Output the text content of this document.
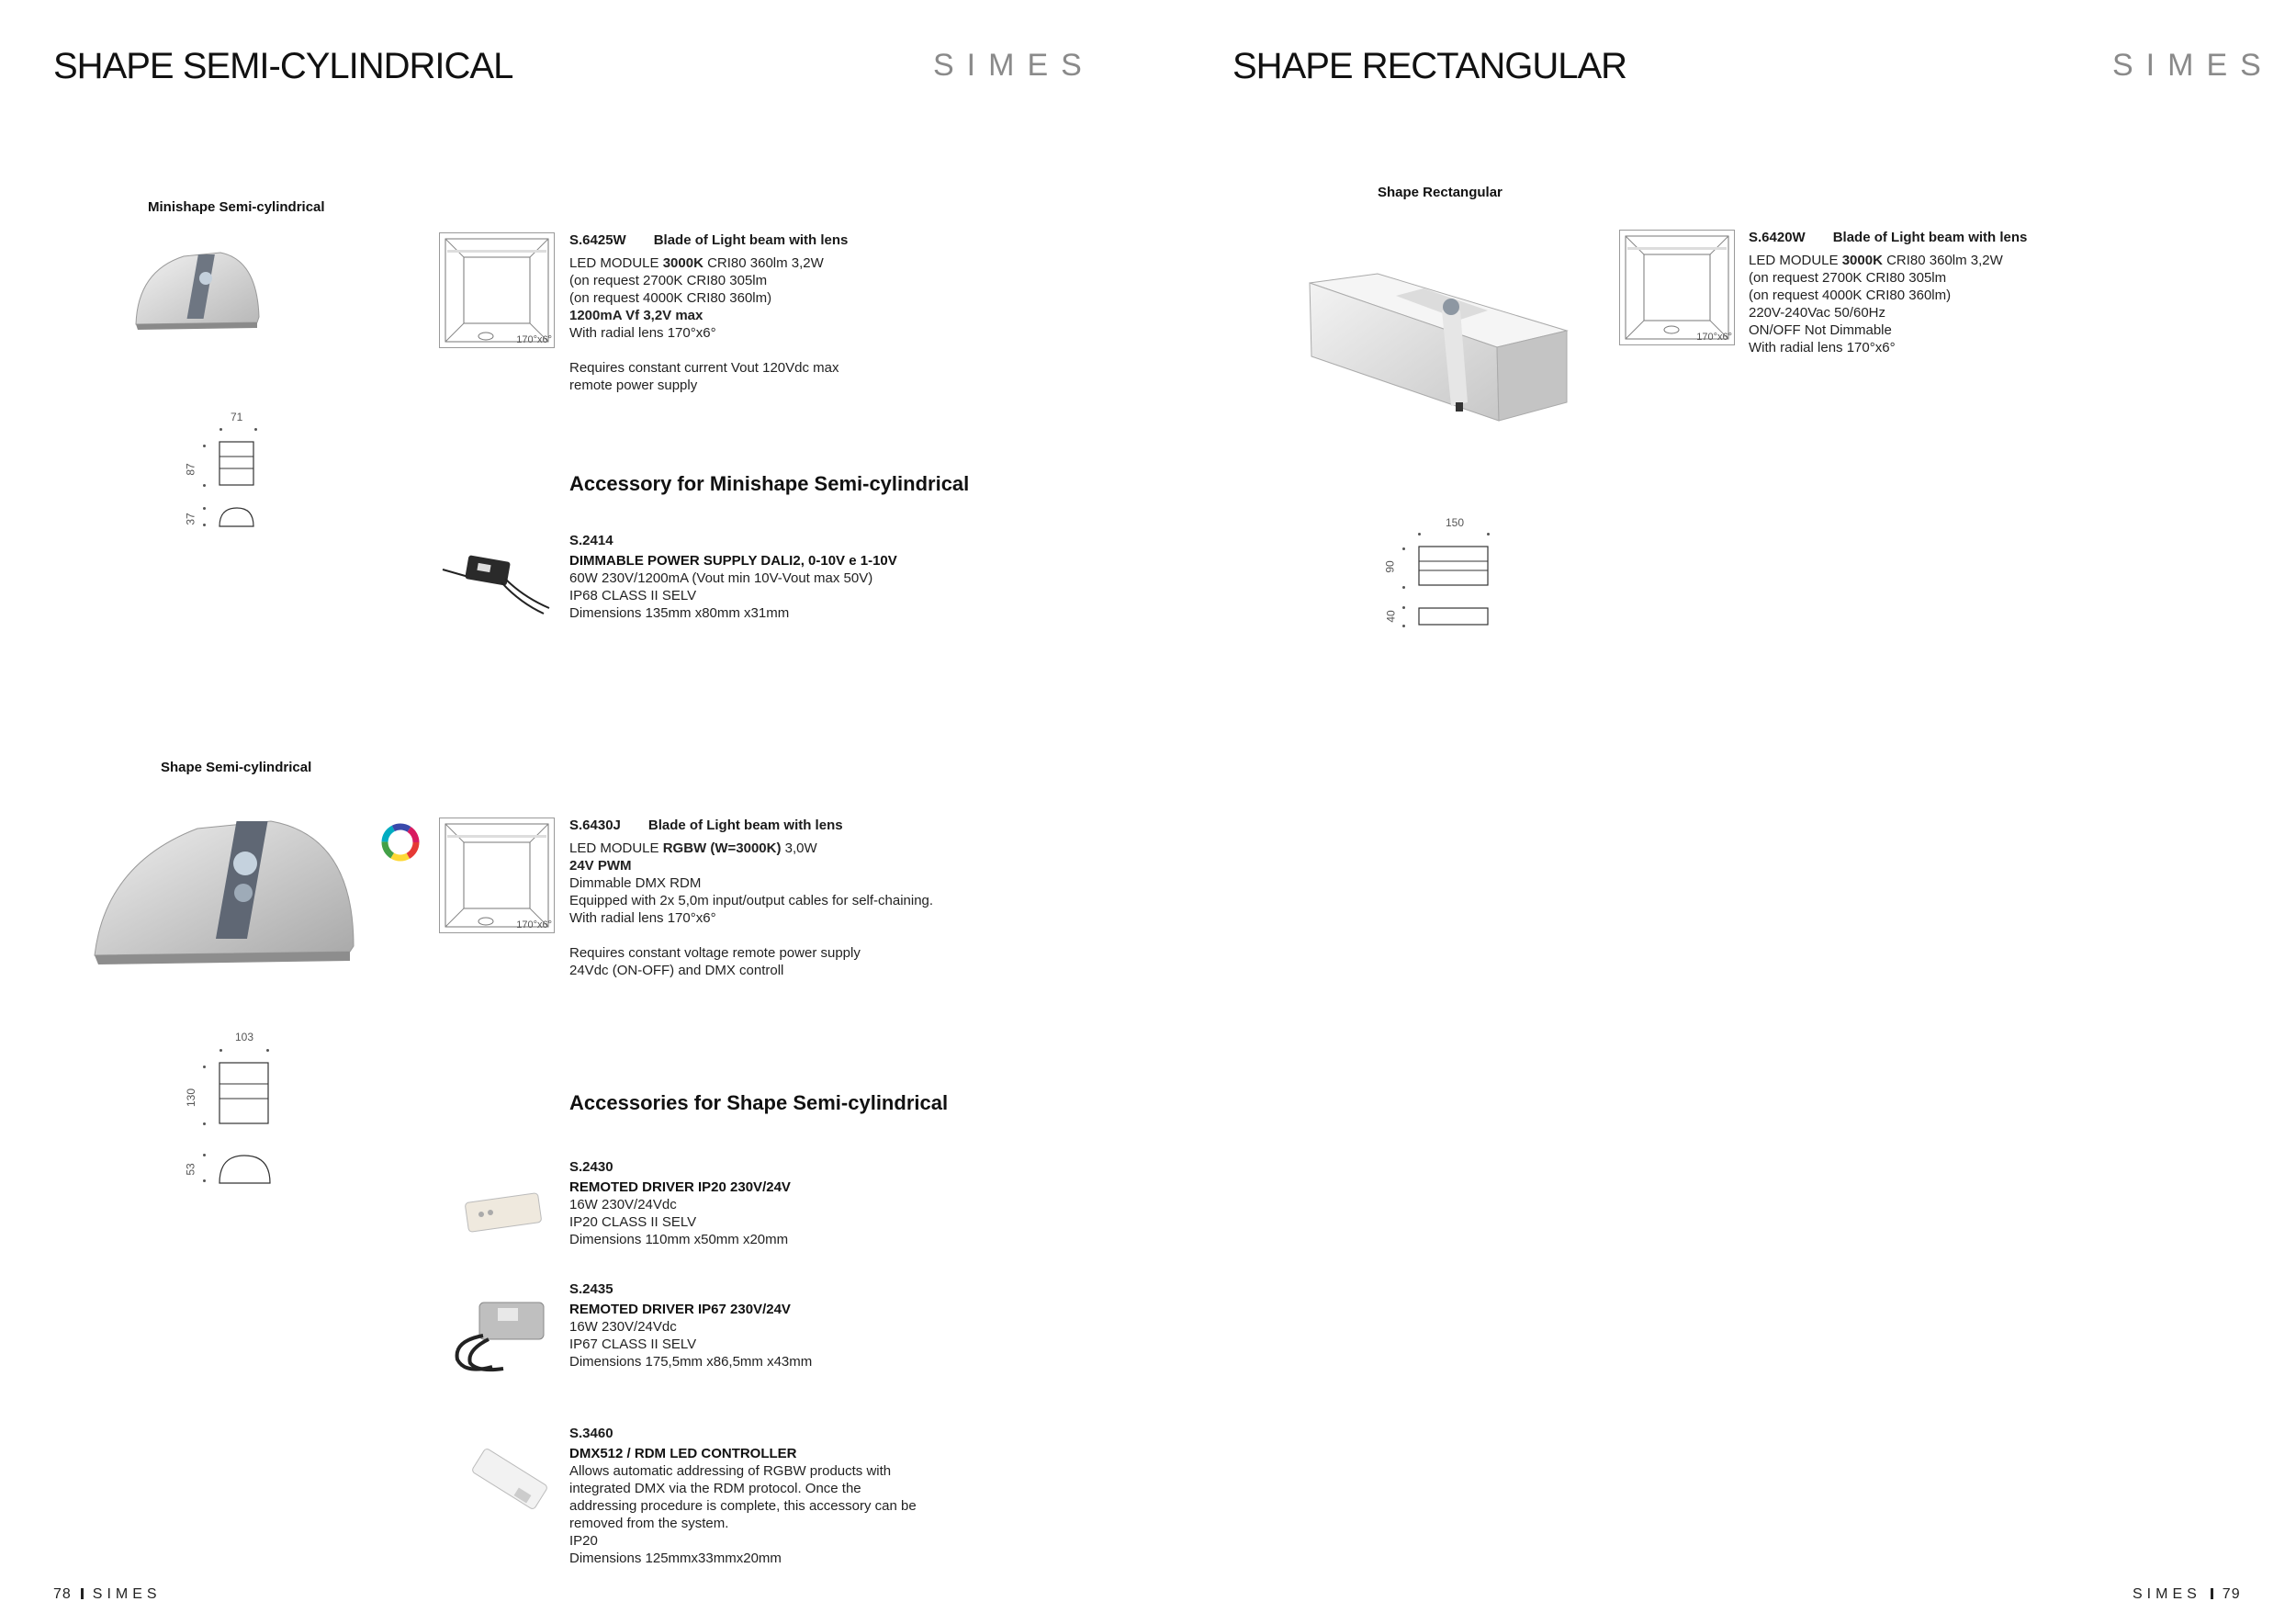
SHAPE SEMI-CYLINDRICAL	SIMES	SHAPE RECTANGULAR	SIMES
Minishape Semi-cylindrical
71
87
37
170°x6°
S.6425W Blade of Light beam with lens
LED MODULE 3000K CRI80 360lm 3,2W
(on request 2700K CRI80 305lm
(on request 4000K CRI80 360lm)
1200mA Vf 3,2V max
With radial lens 170°x6°

Requires constant current Vout 120Vdc max
remote power supply
Accessory for Minishape Semi-cylindrical
S.2414
DIMMABLE POWER SUPPLY DALI2, 0-10V e 1-10V
60W 230V/1200mA (Vout min 10V-Vout max 50V)
IP68 CLASS II SELV
Dimensions 135mm x80mm x31mm
Shape Semi-cylindrical
103
130
53
170°x6°
S.6430J Blade of Light beam with lens
LED MODULE RGBW (W=3000K) 3,0W
24V PWM
Dimmable DMX RDM
Equipped with 2x 5,0m input/output cables for self-chaining.
With radial lens 170°x6°

Requires constant voltage remote power supply
24Vdc (ON-OFF) and DMX controll
Accessories for Shape Semi-cylindrical
S.2430
REMOTED DRIVER IP20 230V/24V
16W 230V/24Vdc
IP20 CLASS II SELV
Dimensions 110mm x50mm x20mm
S.2435
REMOTED DRIVER IP67 230V/24V
16W 230V/24Vdc
IP67 CLASS II SELV
Dimensions 175,5mm x86,5mm x43mm
S.3460
DMX512 / RDM LED CONTROLLER
Allows automatic addressing of RGBW products with
integrated DMX via the RDM protocol. Once the
addressing procedure is complete, this accessory can be
removed from the system.
IP20
Dimensions 125mmx33mmx20mm
Shape Rectangular
150
90
40
170°x6°
S.6420W Blade of Light beam with lens
LED MODULE 3000K CRI80 360lm 3,2W
(on request 2700K CRI80 305lm
(on request 4000K CRI80 360lm)
220V-240Vac 50/60Hz
ON/OFF Not Dimmable
With radial lens 170°x6°
78 SIMES	SIMES 79
